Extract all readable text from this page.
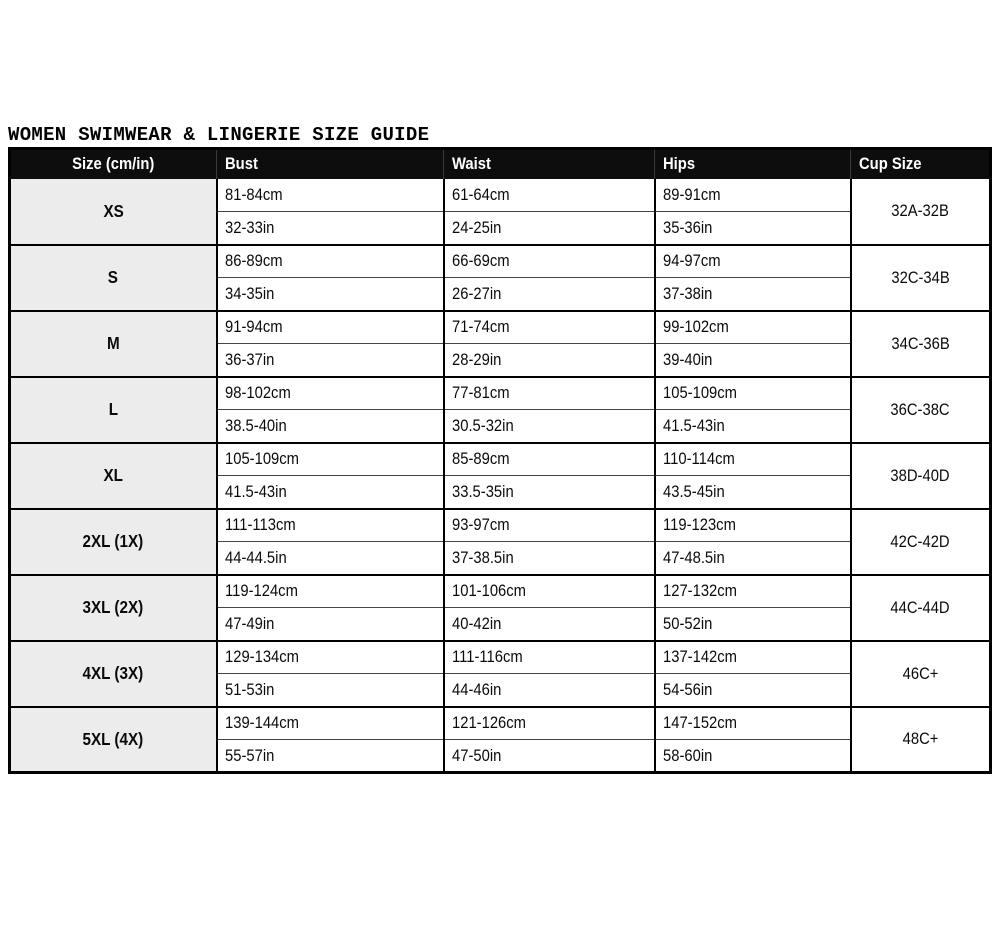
WOMEN SWIMWEAR & LINGERIE SIZE GUIDE
Size (cm/in)	Bust	Waist	Hips	Cup Size
XS	81-84cm	61-64cm	89-91cm	32A-32B
	32-33in	24-25in	35-36in	
S	86-89cm	66-69cm	94-97cm	32C-34B
	34-35in	26-27in	37-38in	
M	91-94cm	71-74cm	99-102cm	34C-36B
	36-37in	28-29in	39-40in	
L	98-102cm	77-81cm	105-109cm	36C-38C
	38.5-40in	30.5-32in	41.5-43in	
XL	105-109cm	85-89cm	110-114cm	38D-40D
	41.5-43in	33.5-35in	43.5-45in	
2XL (1X)	111-113cm	93-97cm	119-123cm	42C-42D
	44-44.5in	37-38.5in	47-48.5in	
3XL (2X)	119-124cm	101-106cm	127-132cm	44C-44D
	47-49in	40-42in	50-52in	
4XL (3X)	129-134cm	111-116cm	137-142cm	46C+
	51-53in	44-46in	54-56in	
5XL (4X)	139-144cm	121-126cm	147-152cm	48C+
	55-57in	47-50in	58-60in	
